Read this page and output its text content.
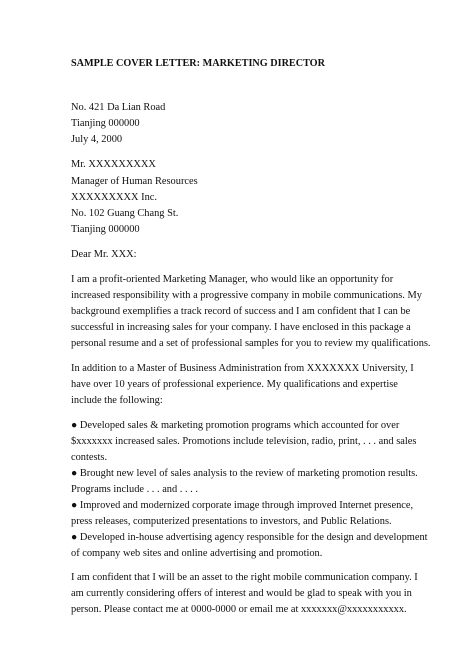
SAMPLE COVER LETTER: MARKETING DIRECTOR
No. 421 Da Lian Road
Tianjing 000000
July 4, 2000
Mr. XXXXXXXXX
Manager of Human Resources
XXXXXXXXX Inc.
No. 102 Guang Chang St.
Tianjing 000000
Dear Mr. XXX:
I am a profit-oriented Marketing Manager, who would like an opportunity for
increased responsibility with a progressive company in mobile communications. My
background exemplifies a track record of success and I am confident that I can be
successful in increasing sales for your company. I have enclosed in this package a
personal resume and a set of professional samples for you to review my qualifications.
In addition to a Master of Business Administration from XXXXXXX University, I
have over 10 years of professional experience. My qualifications and expertise
include the following:
● Developed sales & marketing promotion programs which accounted for over
$xxxxxxx increased sales. Promotions include television, radio, print, . . . and sales
contests.
● Brought new level of sales analysis to the review of marketing promotion results.
Programs include . . . and . . . .
● Improved and modernized corporate image through improved Internet presence,
press releases, computerized presentations to investors, and Public Relations.
● Developed in-house advertising agency responsible for the design and development
of company web sites and online advertising and promotion.
I am confident that I will be an asset to the right mobile communication company. I
am currently considering offers of interest and would be glad to speak with you in
person. Please contact me at 0000-0000 or email me at xxxxxxx@xxxxxxxxxxx.
